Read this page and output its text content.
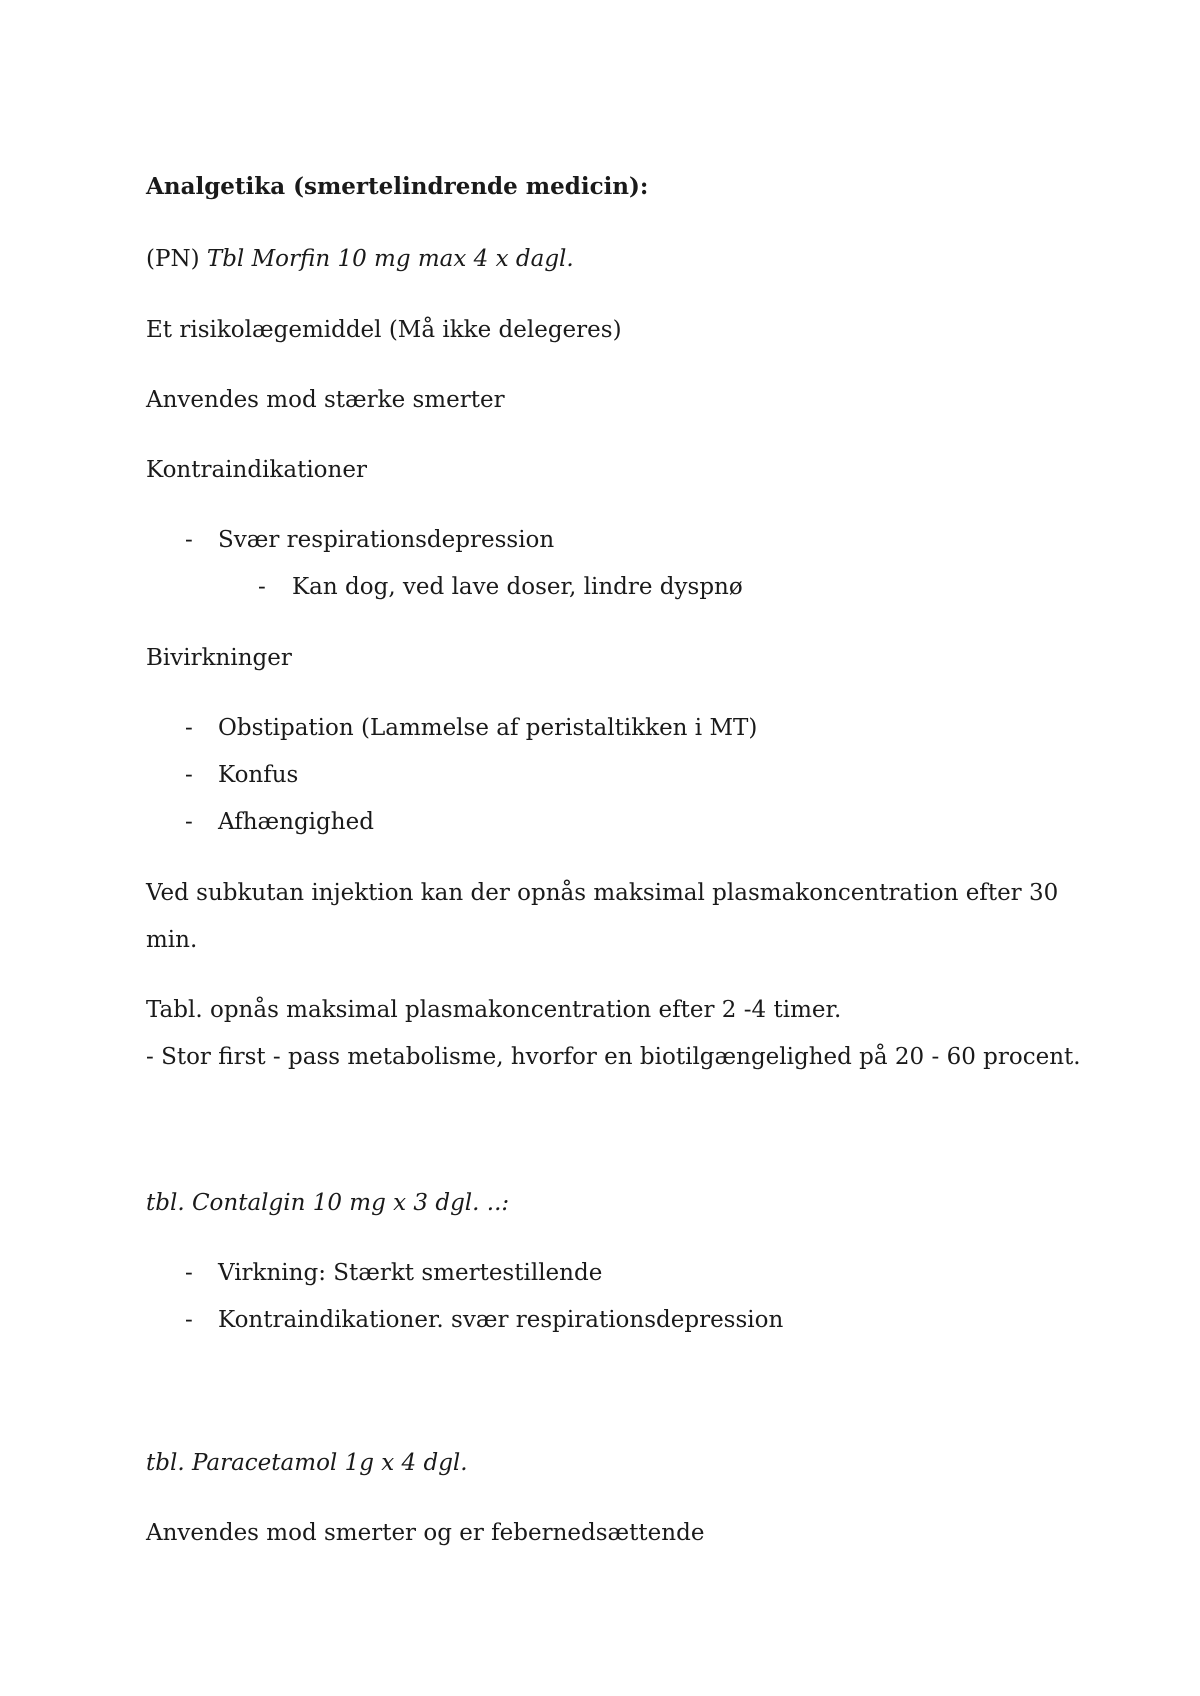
Analgetika (smertelindrende medicin):
(PN) Tbl Morfin 10 mg max 4 x dagl.
Et risikolægemiddel (Må ikke delegeres)
Anvendes mod stærke smerter
Kontraindikationer
- Svær respirationsdepression
- Kan dog, ved lave doser, lindre dyspnø
Bivirkninger
- Obstipation (Lammelse af peristaltikken i MT)
- Konfus
- Afhængighed
Ved subkutan injektion kan der opnås maksimal plasmakoncentration efter 30
min.
Tabl. opnås maksimal plasmakoncentration efter 2 -4 timer.
- Stor first - pass metabolisme, hvorfor en biotilgængelighed på 20 - 60 procent.
tbl. Contalgin 10 mg x 3 dgl. ..:
- Virkning: Stærkt smertestillende
- Kontraindikationer. svær respirationsdepression
tbl. Paracetamol 1g x 4 dgl.
Anvendes mod smerter og er febernedsættende
